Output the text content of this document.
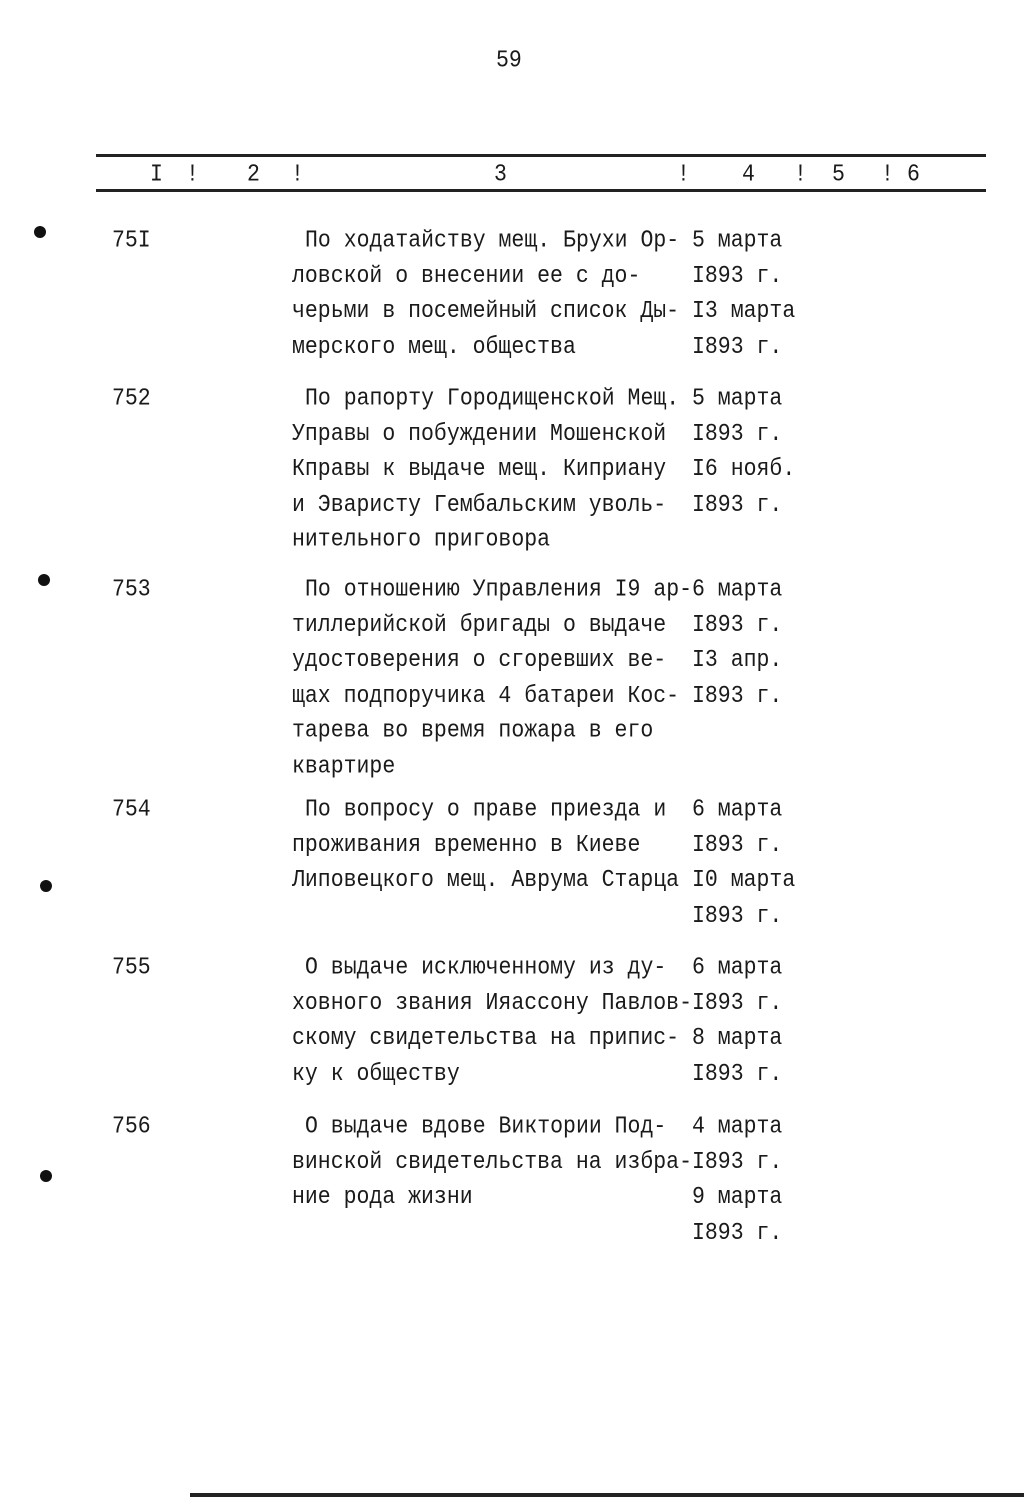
59
I ! 2 !	3	! 4 ! 5 ! 6
75I	По ходатайству мещ. Брухи Ор-
ловской о внесении ее с до-
черьми в посемейный список Ды-
мерского мещ. общества
5 марта
I893 г.
I3 марта
I893 г.
752	По рапорту Городищенской Мещ.
Управы о побуждении Мошенской
Кправы к выдаче мещ. Киприану
и Эваристу Гембальским уволь-
нительного приговора
5 марта
I893 г.
I6 нояб.
I893 г.
753	По отношению Управления I9 ар-
тиллерийской бригады о выдаче
удостоверения о сгоревших ве-
щах подпоручика 4 батареи Кос-
тарева во время пожара в его
квартире
6 марта
I893 г.
I3 апр.
I893 г.
754	По вопросу о праве приезда и
проживания временно в Киеве
Липовецкого мещ. Аврума Старца
6 марта
I893 г.
I0 марта
I893 г.
755	О выдаче исключенному из ду-
ховного звания Ияассону Павлов-
скому свидетельства на припис-
ку к обществу
6 марта
I893 г.
8 марта
I893 г.
756	О выдаче вдове Виктории Под-
винской свидетельства на избра-
ние рода жизни
4 марта
I893 г.
9 марта
I893 г.
